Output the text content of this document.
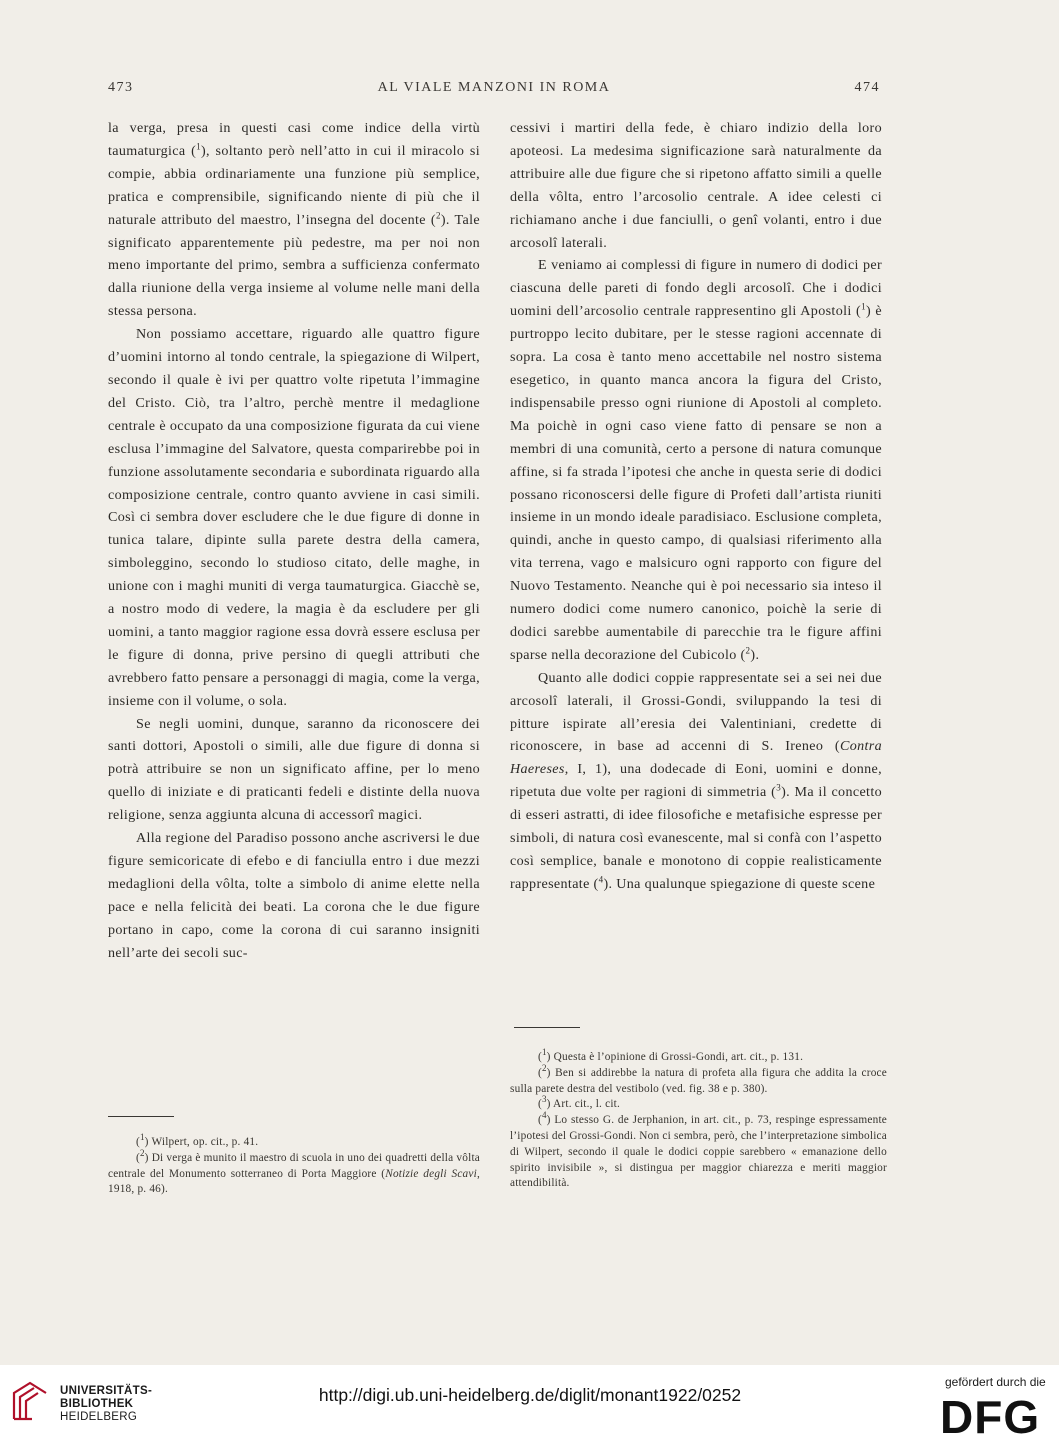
473	AL VIALE MANZONI IN ROMA	474

la verga, presa in questi casi come indice della virtù taumaturgica ($^1$), soltanto però nell’atto in cui il miracolo si compie, abbia ordinariamente una funzione più semplice, pratica e comprensibile, significando niente di più che il naturale attributo del maestro, l’insegna del docente ($^2$). Tale significato apparentemente più pedestre, ma per noi non meno importante del primo, sembra a sufficienza confermato dalla riunione della verga insieme al volume nelle mani della stessa persona.

Non possiamo accettare, riguardo alle quattro figure d’uomini intorno al tondo centrale, la spiegazione di Wilpert, secondo il quale è ivi per quattro volte ripetuta l’immagine del Cristo. Ciò, tra l’altro, perchè mentre il medaglione centrale è occupato da una composizione figurata da cui viene esclusa l’immagine del Salvatore, questa comparirebbe poi in funzione assolutamente secondaria e subordinata riguardo alla composizione centrale, contro quanto avviene in casi simili. Così ci sembra dover escludere che le due figure di donne in tunica talare, dipinte sulla parete destra della camera, simboleggino, secondo lo studioso citato, delle maghe, in unione con i maghi muniti di verga taumaturgica. Giacchè se, a nostro modo di vedere, la magia è da escludere per gli uomini, a tanto maggior ragione essa dovrà essere esclusa per le figure di donna, prive persino di quegli attributi che avrebbero fatto pensare a personaggi di magia, come la verga, insieme con il volume, o sola.

Se negli uomini, dunque, saranno da riconoscere dei santi dottori, Apostoli o simili, alle due figure di donna si potrà attribuire se non un significato affine, per lo meno quello di iniziate e di praticanti fedeli e distinte della nuova religione, senza aggiunta alcuna di accessorî magici.

Alla regione del Paradiso possono anche ascriversi le due figure semicoricate di efebo e di fanciulla entro i due mezzi medaglioni della vôlta, tolte a simbolo di anime elette nella pace e nella felicità dei beati. La corona che le due figure portano in capo, come la corona di cui saranno insigniti nell’arte dei secoli suc-

($^1$) Wilpert, op. cit., p. 41.

($^2$) Di verga è munito il maestro di scuola in uno dei quadretti della vôlta centrale del Monumento sotterraneo di Porta Maggiore (Notizie degli Scavi, 1918, p. 46).

cessivi i martiri della fede, è chiaro indizio della loro apoteosi. La medesima significazione sarà naturalmente da attribuire alle due figure che si ripetono affatto simili a quelle della vôlta, entro l’arcosolio centrale. A idee celesti ci richiamano anche i due fanciulli, o genî volanti, entro i due arcosolî laterali.

E veniamo ai complessi di figure in numero di dodici per ciascuna delle pareti di fondo degli arcosolî. Che i dodici uomini dell’arcosolio centrale rappresentino gli Apostoli ($^1$) è purtroppo lecito dubitare, per le stesse ragioni accennate di sopra. La cosa è tanto meno accettabile nel nostro sistema esegetico, in quanto manca ancora la figura del Cristo, indispensabile presso ogni riunione di Apostoli al completo. Ma poichè in ogni caso viene fatto di pensare se non a membri di una comunità, certo a persone di natura comunque affine, si fa strada l’ipotesi che anche in questa serie di dodici possano riconoscersi delle figure di Profeti dall’artista riuniti insieme in un mondo ideale paradisiaco. Esclusione completa, quindi, anche in questo campo, di qualsiasi riferimento alla vita terrena, vago e malsicuro ogni rapporto con figure del Nuovo Testamento. Neanche qui è poi necessario sia inteso il numero dodici come numero canonico, poichè la serie di dodici sarebbe aumentabile di parecchie tra le figure affini sparse nella decorazione del Cubicolo ($^2$).

Quanto alle dodici coppie rappresentate sei a sei nei due arcosolî laterali, il Grossi-Gondi, sviluppando la tesi di pitture ispirate all’eresia dei Valentiniani, credette di riconoscere, in base ad accenni di S. Ireneo (Contra Haereses, I, 1), una dodecade di Eoni, uomini e donne, ripetuta due volte per ragioni di simmetria ($^3$). Ma il concetto di esseri astratti, di idee filosofiche e metafisiche espresse per simboli, di natura così evanescente, mal si confà con l’aspetto così semplice, banale e monotono di coppie realisticamente rappresentate ($^4$). Una qualunque spiegazione di queste scene

($^1$) Questa è l’opinione di Grossi-Gondi, art. cit., p. 131.

($^2$) Ben si addirebbe la natura di profeta alla figura che addita la croce sulla parete destra del vestibolo (ved. fig. 38 e p. 380).

($^3$) Art. cit., l. cit.

($^4$) Lo stesso G. de Jerphanion, in art. cit., p. 73, respinge espressamente l’ipotesi del Grossi-Gondi. Non ci sembra, però, che l’interpretazione simbolica di Wilpert, secondo il quale le dodici coppie sarebbero « emanazione dello spirito invisibile », si distingua per maggior chiarezza e meriti maggior attendibilità.

UNIVERSITÄTS-
BIBLIOTHEK
HEIDELBERG
http://digi.ub.uni-heidelberg.de/diglit/monant1922/0252
gefördert durch die
DFG
